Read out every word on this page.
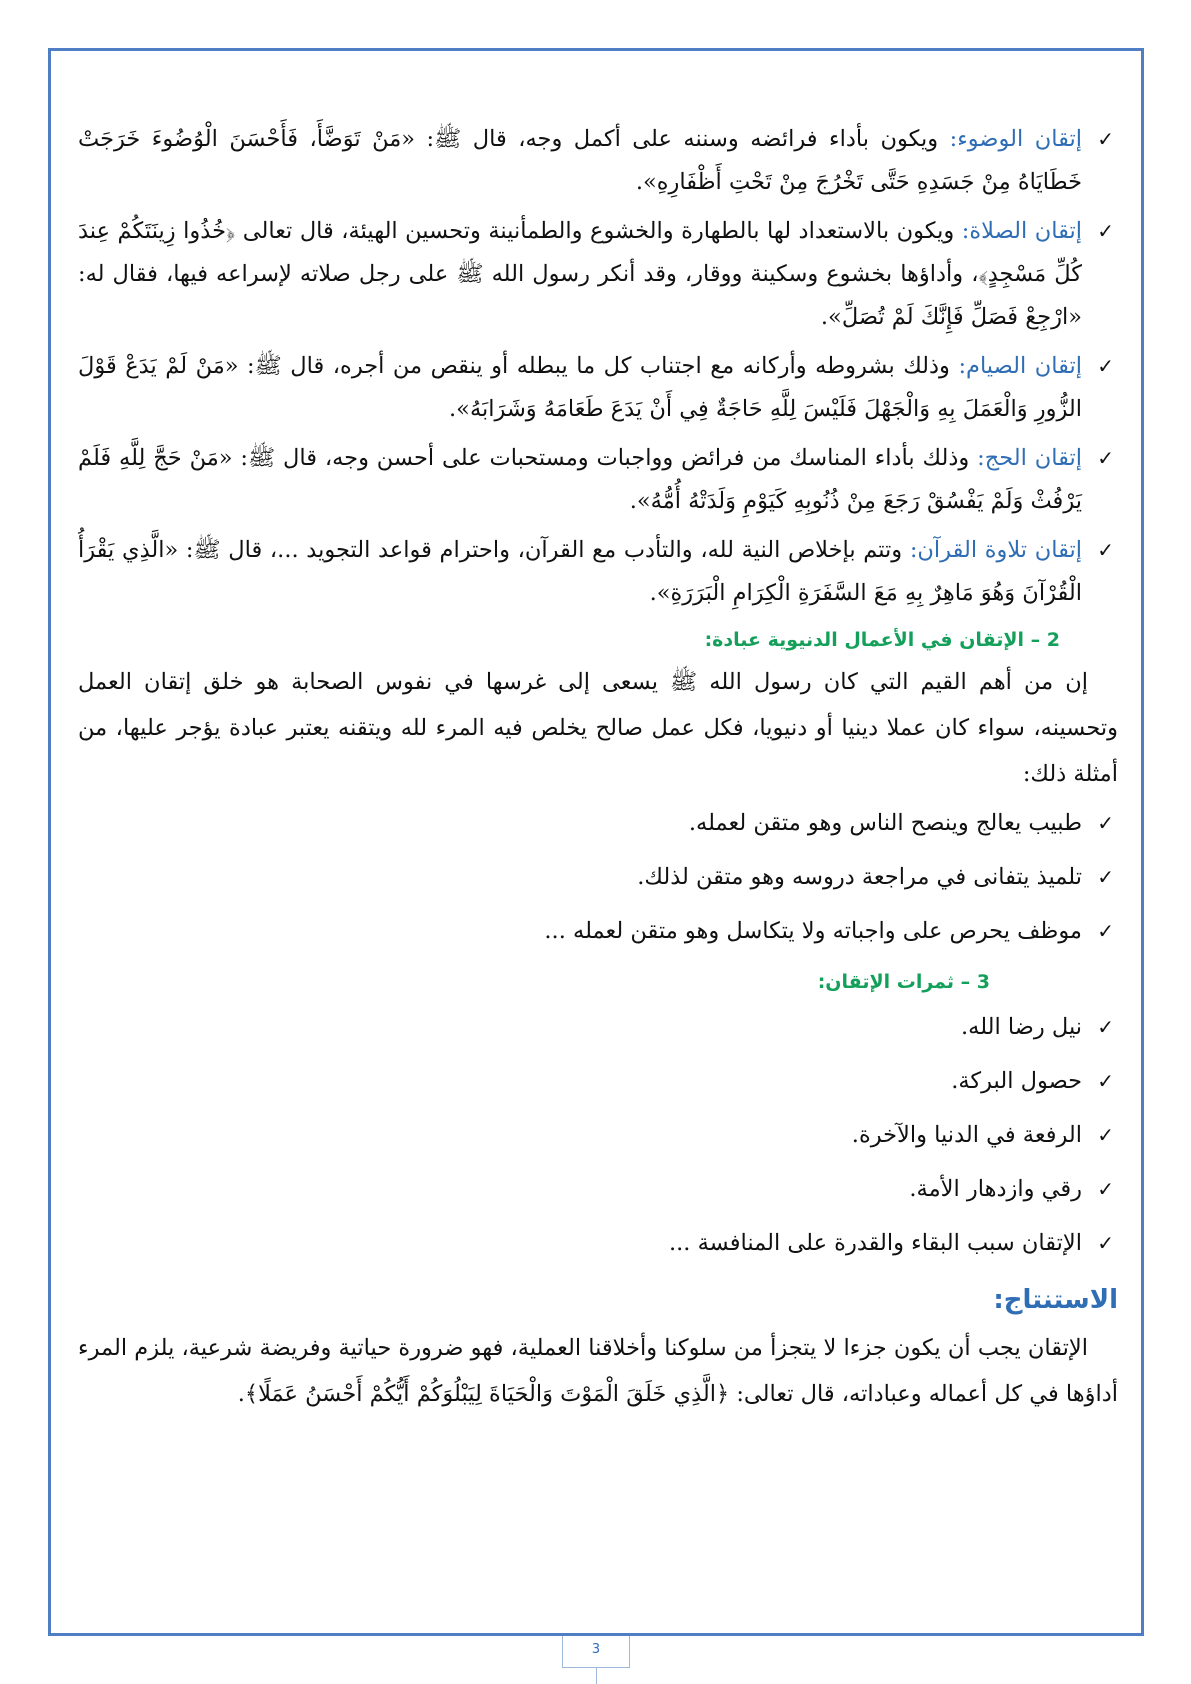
✓
إتقان الوضوء: ويكون بأداء فرائضه وسننه على أكمل وجه، قال ﷺ: «مَنْ تَوَضَّأَ، فَأَحْسَنَ الْوُضُوءَ خَرَجَتْ خَطَايَاهُ مِنْ جَسَدِهِ حَتَّى تَخْرُجَ مِنْ تَحْتِ أَظْفَارِهِ».
✓
إتقان الصلاة: ويكون بالاستعداد لها بالطهارة والخشوع والطمأنينة وتحسين الهيئة، قال تعالى ﴿خُذُوا زِينَتَكُمْ عِندَ كُلِّ مَسْجِدٍ﴾، وأداؤها بخشوع وسكينة ووقار، وقد أنكر رسول الله ﷺ على رجل صلاته لإسراعه فيها، فقال له: «ارْجِعْ فَصَلِّ فَإِنَّكَ لَمْ تُصَلِّ».
✓
إتقان الصيام: وذلك بشروطه وأركانه مع اجتناب كل ما يبطله أو ينقص من أجره، قال ﷺ: «مَنْ لَمْ يَدَعْ قَوْلَ الزُّورِ وَالْعَمَلَ بِهِ وَالْجَهْلَ فَلَيْسَ لِلَّهِ حَاجَةٌ فِي أَنْ يَدَعَ طَعَامَهُ وَشَرَابَهُ».
✓
إتقان الحج: وذلك بأداء المناسك من فرائض وواجبات ومستحبات على أحسن وجه، قال ﷺ: «مَنْ حَجَّ لِلَّهِ فَلَمْ يَرْفُثْ وَلَمْ يَفْسُقْ رَجَعَ مِنْ ذُنُوبِهِ كَيَوْمِ وَلَدَتْهُ أُمُّهُ».
✓
إتقان تلاوة القرآن: وتتم بإخلاص النية لله، والتأدب مع القرآن، واحترام قواعد التجويد ...، قال ﷺ: «الَّذِي يَقْرَأُ الْقُرْآنَ وَهُوَ مَاهِرٌ بِهِ مَعَ السَّفَرَةِ الْكِرَامِ الْبَرَرَةِ».
2 – الإتقان في الأعمال الدنيوية عبادة:

إن من أهم القيم التي كان رسول الله ﷺ يسعى إلى غرسها في نفوس الصحابة هو خلق إتقان العمل وتحسينه، سواء كان عملا دينيا أو دنيويا، فكل عمل صالح يخلص فيه المرء لله ويتقنه يعتبر عبادة يؤجر عليها، من أمثلة ذلك:

✓
طبيب يعالج وينصح الناس وهو متقن لعمله.
✓
تلميذ يتفانى في مراجعة دروسه وهو متقن لذلك.
✓
موظف يحرص على واجباته ولا يتكاسل وهو متقن لعمله ...
3 – ثمرات الإتقان:
✓
نيل رضا الله.
✓
حصول البركة.
✓
الرفعة في الدنيا والآخرة.
✓
رقي وازدهار الأمة.
✓
الإتقان سبب البقاء والقدرة على المنافسة ...
الاستنتاج:

الإتقان يجب أن يكون جزءا لا يتجزأ من سلوكنا وأخلاقنا العملية، فهو ضرورة حياتية وفريضة شرعية، يلزم المرء أداؤها في كل أعماله وعباداته، قال تعالى: ﴿الَّذِي خَلَقَ الْمَوْتَ وَالْحَيَاةَ لِيَبْلُوَكُمْ أَيُّكُمْ أَحْسَنُ عَمَلًا﴾.

3
